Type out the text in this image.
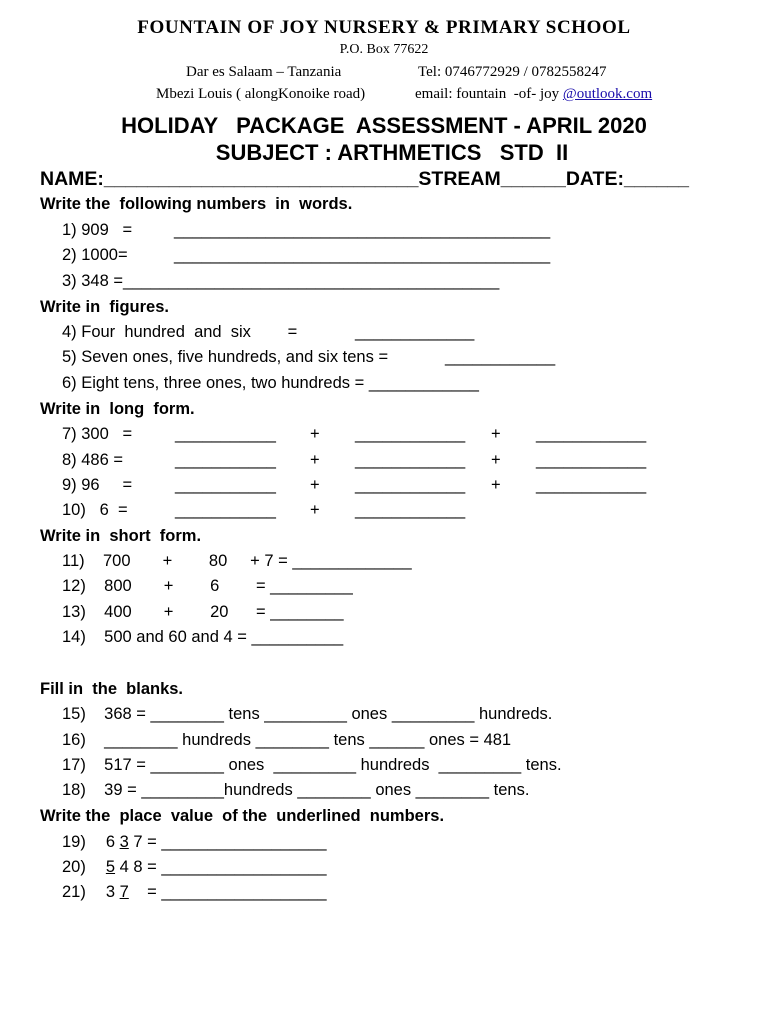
FOUNTAIN OF JOY NURSERY & PRIMARY SCHOOL
P.O. Box 77622
Dar es Salaam – Tanzania	Tel: 0746772929 / 0782558247
Mbezi Louis ( alongKonoike road)	email: fountain  -of- joy @outlook.com
HOLIDAY   PACKAGE  ASSESSMENT - APRIL 2020
SUBJECT : ARTHMETICS   STD  II
NAME:_____________________________STREAM______DATE:______
Write the  following numbers  in  words.
1) 909   =	_________________________________________
2) 1000=	_________________________________________
3) 348 =_________________________________________
Write in  figures.
4) Four  hundred  and  six        =	_____________
5) Seven ones, five hundreds, and six tens =	____________
6) Eight tens, three ones, two hundreds = ____________
Write in  long  form.
7) 300   =	___________ + ____________ + ____________
8) 486 =	___________ + ____________ + ____________
9) 96     =	___________ + ____________ + ____________
10)   6  =	___________ + ____________
Write in  short  form.
11)    700       +        80     + 7 = _____________
12)    800       +        6        = _________
13)    400       +        20      = ________
14)    500 and 60 and 4 = __________
Fill in  the  blanks.
15)    368 = ________ tens _________ ones _________ hundreds.
16)    ________ hundreds ________ tens ______ ones = 481
17)    517 = ________ ones  _________ hundreds  _________ tens.
18)    39 = _________hundreds ________ ones ________ tens.
Write the  place  value  of the  underlined  numbers.
19) 6 3 7 = __________________
20) 5 4 8 = __________________
21) 3 7    = __________________
